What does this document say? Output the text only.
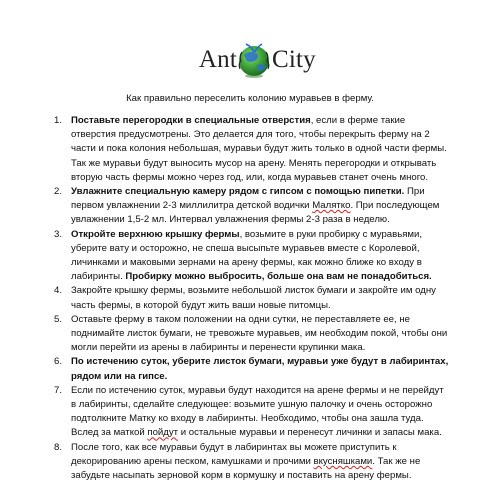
Ant City
Как правильно переселить колонию муравьев в ферму.
1. Поставьте перегородки в специальные отверстия, если в ферме такие отверстия предусмотрены. Это делается для того, чтобы перекрыть ферму на 2 части и пока колония небольшая, муравьи будут жить только в одной части фермы. Так же муравьи будут выносить мусор на арену. Менять перегородки и открывать вторую часть фермы можно через год, или, когда муравьев станет очень много.
2. Увлажните специальную камеру рядом с гипсом с помощью пипетки. При первом увлажнении 2-3 миллилитра детской водички Малятко. При последующем увлажнении 1,5-2 мл. Интервал увлажнения фермы 2-3 раза в неделю.
3. Откройте верхнюю крышку фермы, возьмите в руки пробирку с муравьями, уберите вату и осторожно, не спеша высыпьте муравьев вместе с Королевой, личинками и маковыми зернами на арену фермы, как можно ближе ко входу в лабиринты. Пробирку можно выбросить, больше она вам не понадобиться.
4. Закройте крышку фермы, возьмите небольшой листок бумаги и закройте им одну часть фермы, в которой будут жить ваши новые питомцы.
5. Оставьте ферму в таком положении на одни сутки, не переставляете ее, не поднимайте листок бумаги, не тревожьте муравьев, им необходим покой, чтобы они могли перейти из арены в лабиринты и перенести крупинки мака.
6. По истечению суток, уберите листок бумаги, муравьи уже будут в лабиринтах, рядом или на гипсе.
7. Если по истечению суток, муравьи будут находится на арене фермы и не перейдут в лабиринты, сделайте следующее: возьмите ушную палочку и очень осторожно подтолкните Матку ко входу в лабиринты. Необходимо, чтобы она зашла туда. Вслед за маткой пойдут и остальные муравьи и перенесут личинки и запасы мака.
8. После того, как все муравьи будут в лабиринтах вы можете приступить к декорированию арены песком, камушками и прочими вкусняшками. Так же не забудьте насыпать зерновой корм в кормушку и поставить на арену фермы.
